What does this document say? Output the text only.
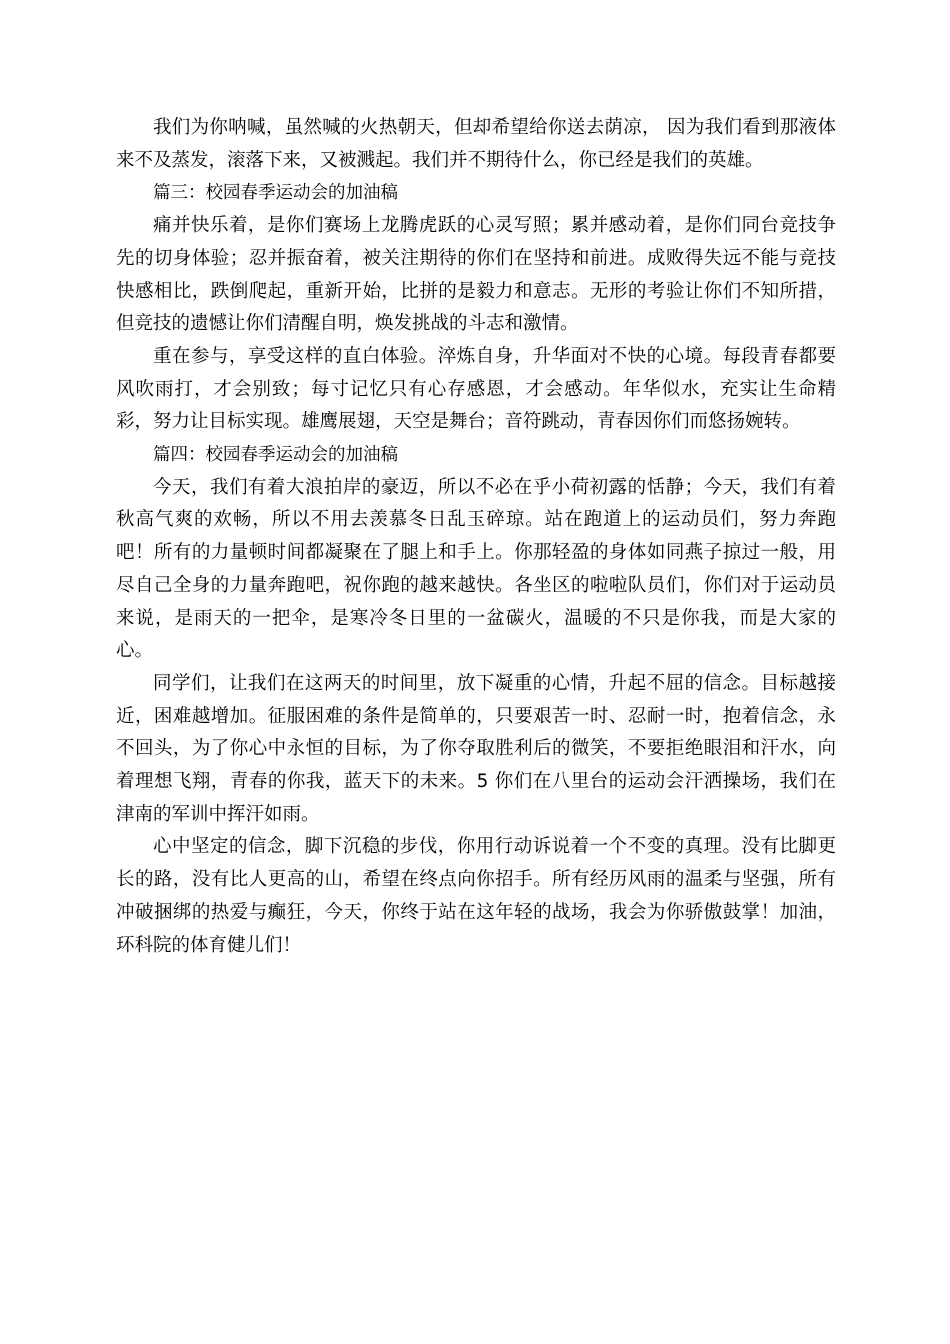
我们为你呐喊，虽然喊的火热朝天，但却希望给你送去荫凉， 因为我们看到那液体来不及蒸发，滚落下来，又被溅起。我们并不期待什么，你已经是我们的英雄。

篇三：校园春季运动会的加油稿

痛并快乐着，是你们赛场上龙腾虎跃的心灵写照；累并感动着，是你们同台竞技争先的切身体验；忍并振奋着，被关注期待的你们在坚持和前进。成败得失远不能与竞技快感相比，跌倒爬起，重新开始，比拼的是毅力和意志。无形的考验让你们不知所措，但竞技的遗憾让你们清醒自明，焕发挑战的斗志和激情。

重在参与，享受这样的直白体验。淬炼自身，升华面对不快的心境。每段青春都要风吹雨打，才会别致；每寸记忆只有心存感恩，才会感动。年华似水，充实让生命精彩，努力让目标实现。雄鹰展翅，天空是舞台；音符跳动，青春因你们而悠扬婉转。

篇四：校园春季运动会的加油稿

今天，我们有着大浪拍岸的豪迈，所以不必在乎小荷初露的恬静；今天，我们有着秋高气爽的欢畅，所以不用去羡慕冬日乱玉碎琼。站在跑道上的运动员们，努力奔跑吧！所有的力量顿时间都凝聚在了腿上和手上。你那轻盈的身体如同燕子掠过一般，用尽自己全身的力量奔跑吧，祝你跑的越来越快。各坐区的啦啦队员们，你们对于运动员来说，是雨天的一把伞，是寒冷冬日里的一盆碳火，温暖的不只是你我，而是大家的心。

同学们，让我们在这两天的时间里，放下凝重的心情，升起不屈的信念。目标越接近，困难越增加。征服困难的条件是简单的，只要艰苦一时、忍耐一时，抱着信念，永不回头，为了你心中永恒的目标，为了你夺取胜利后的微笑，不要拒绝眼泪和汗水，向着理想飞翔，青春的你我，蓝天下的未来。5 你们在八里台的运动会汗洒操场，我们在津南的军训中挥汗如雨。

心中坚定的信念，脚下沉稳的步伐，你用行动诉说着一个不变的真理。没有比脚更长的路，没有比人更高的山，希望在终点向你招手。所有经历风雨的温柔与坚强，所有冲破捆绑的热爱与癫狂，今天，你终于站在这年轻的战场，我会为你骄傲鼓掌！加油，环科院的体育健儿们！
